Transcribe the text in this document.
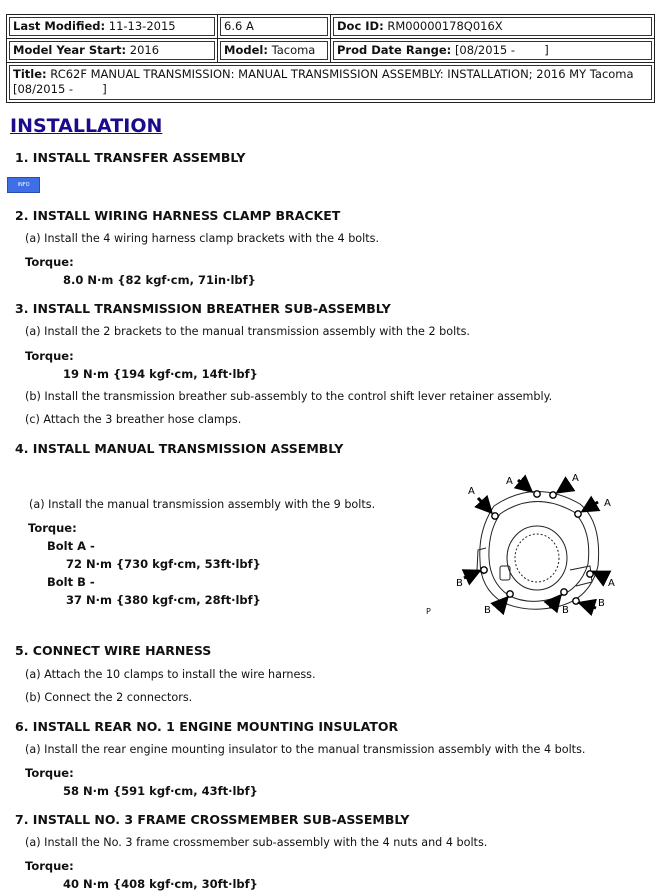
Last Modified: 11-13-2015	6.6 A	Doc ID: RM00000178Q016X

Model Year Start: 2016	Model: Tacoma	Prod Date Range: [08/2015 -        ]

Title: RC62F MANUAL TRANSMISSION: MANUAL TRANSMISSION ASSEMBLY: INSTALLATION; 2016 MY Tacoma [08/2015 -        ]		
INSTALLATION
1. INSTALL TRANSFER ASSEMBLY
INFO
2. INSTALL WIRING HARNESS CLAMP BRACKET
(a) Install the 4 wiring harness clamp brackets with the 4 bolts.
Torque:
8.0 N·m {82 kgf·cm, 71in·lbf}
3. INSTALL TRANSMISSION BREATHER SUB-ASSEMBLY
(a) Install the 2 brackets to the manual transmission assembly with the 2 bolts.
Torque:
19 N·m {194 kgf·cm, 14ft·lbf}
(b) Install the transmission breather sub-assembly to the control shift lever retainer assembly.
(c) Attach the 3 breather hose clamps.
4. INSTALL MANUAL TRANSMISSION ASSEMBLY
(a) Install the manual transmission assembly with the 9 bolts.
Torque:
Bolt A -
72 N·m {730 kgf·cm, 53ft·lbf}
Bolt B -
37 N·m {380 kgf·cm, 28ft·lbf}
A	A
A
A
A
B
B	B
B
P
5. CONNECT WIRE HARNESS
(a) Attach the 10 clamps to install the wire harness.
(b) Connect the 2 connectors.
6. INSTALL REAR NO. 1 ENGINE MOUNTING INSULATOR
(a) Install the rear engine mounting insulator to the manual transmission assembly with the 4 bolts.
Torque:
58 N·m {591 kgf·cm, 43ft·lbf}
7. INSTALL NO. 3 FRAME CROSSMEMBER SUB-ASSEMBLY
(a) Install the No. 3 frame crossmember sub-assembly with the 4 nuts and 4 bolts.
Torque:
40 N·m {408 kgf·cm, 30ft·lbf}
